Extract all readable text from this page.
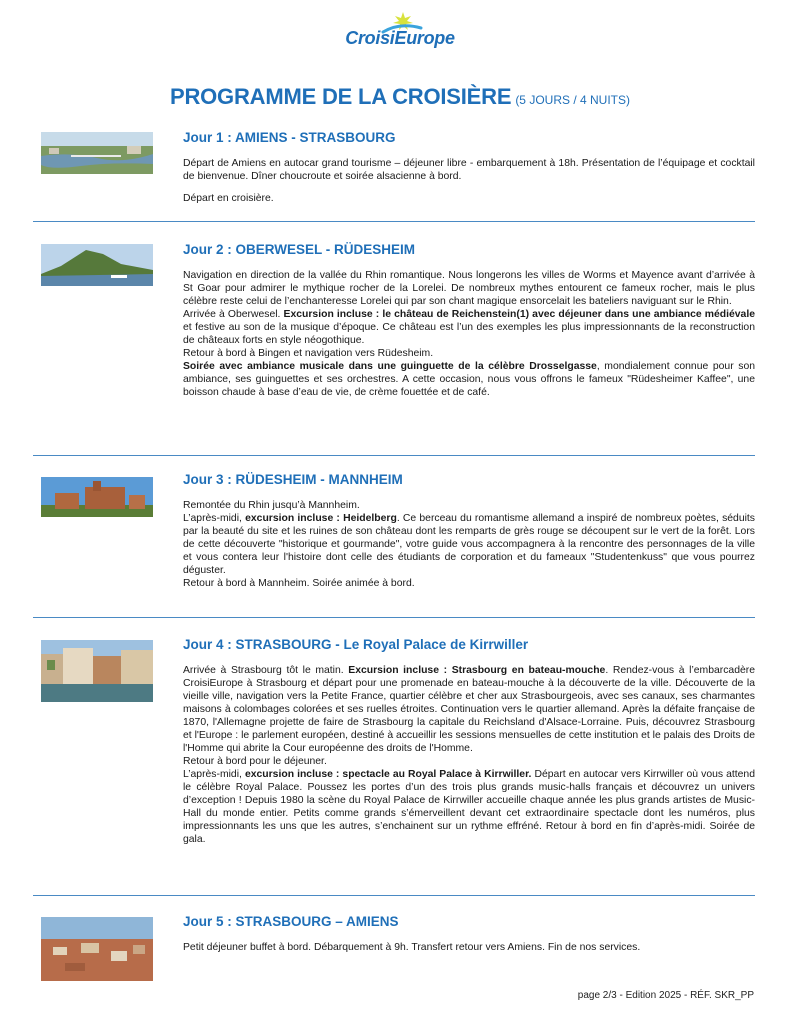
CroisiEurope
PROGRAMME DE LA CROISIÈRE (5 JOURS / 4 NUITS)
Jour 1 : AMIENS - STRASBOURG

Départ de Amiens en autocar grand tourisme – déjeuner libre - embarquement à 18h. Présentation de l’équipage et cocktail de bienvenue. Dîner choucroute et soirée alsacienne à bord.

Départ en croisière.

Jour 2 : OBERWESEL - RÜDESHEIM

Navigation en direction de la vallée du Rhin romantique. Nous longerons les villes de Worms et Mayence avant d’arrivée à St Goar pour admirer le mythique rocher de la Lorelei. De nombreux mythes entourent ce fameux rocher, mais le plus célèbre reste celui de l’enchanteresse Lorelei qui par son chant magique ensorcelait les bateliers naviguant sur le Rhin.

Arrivée à Oberwesel. Excursion incluse : le château de Reichenstein(1) avec déjeuner dans une ambiance médiévale et festive au son de la musique d’époque. Ce château est l’un des exemples les plus impressionnants de la reconstruction de châteaux forts en style néogothique.

Retour à bord à Bingen et navigation vers Rüdesheim.

Soirée avec ambiance musicale dans une guinguette de la célèbre Drosselgasse, mondialement connue pour son ambiance, ses guinguettes et ses orchestres. A cette occasion, nous vous offrons le fameux "Rüdesheimer Kaffee", une boisson chaude à base d’eau de vie, de crème fouettée et de café.

Jour 3 : RÜDESHEIM - MANNHEIM

Remontée du Rhin jusqu’à Mannheim.

L’après-midi, excursion incluse : Heidelberg. Ce berceau du romantisme allemand a inspiré de nombreux poètes, séduits par la beauté du site et les ruines de son château dont les remparts de grès rouge se découpent sur le vert de la forêt. Lors de cette découverte "historique et gourmande", votre guide vous accompagnera à la rencontre des personnages de la ville et vous contera leur l'histoire dont celle des étudiants de corporation et du fameaux "Studentenkuss" que vous pourrez déguster.

Retour à bord à Mannheim. Soirée animée à bord.

Jour 4 : STRASBOURG - Le Royal Palace de Kirrwiller

Arrivée à Strasbourg tôt le matin. Excursion incluse : Strasbourg en bateau-mouche. Rendez-vous à l’embarcadère CroisiEurope à Strasbourg et départ pour une promenade en bateau-mouche à la découverte de la ville. Découverte de la vieille ville, navigation vers la Petite France, quartier célèbre et cher aux Strasbourgeois, avec ses canaux, ses charmantes maisons à colombages colorées et ses ruelles étroites. Continuation vers le quartier allemand. Après la défaite française de 1870, l'Allemagne projette de faire de Strasbourg la capitale du Reichsland d'Alsace-Lorraine. Puis, découvrez Strasbourg et l'Europe : le parlement européen, destiné à accueillir les sessions mensuelles de cette institution et le palais des Droits de l'Homme qui abrite la Cour européenne des droits de l'Homme.

Retour à bord pour le déjeuner.

L’après-midi, excursion incluse : spectacle au Royal Palace à Kirrwiller. Départ en autocar vers Kirrwiller où vous attend le célèbre Royal Palace. Poussez les portes d’un des trois plus grands music-halls français et découvrez un univers d’exception ! Depuis 1980 la scène du Royal Palace de Kirrwiller accueille chaque année les plus grands artistes de Music-Hall du monde entier. Petits comme grands s’émerveillent devant cet extraordinaire spectacle dont les numéros, plus impressionnants les uns que les autres, s’enchainent sur un rythme effréné. Retour à bord en fin d’après-midi. Soirée de gala.

Jour 5 : STRASBOURG – AMIENS

Petit déjeuner buffet à bord. Débarquement à 9h. Transfert retour vers Amiens. Fin de nos services.

page 2/3 - Edition 2025 - RÉF. SKR_PP
